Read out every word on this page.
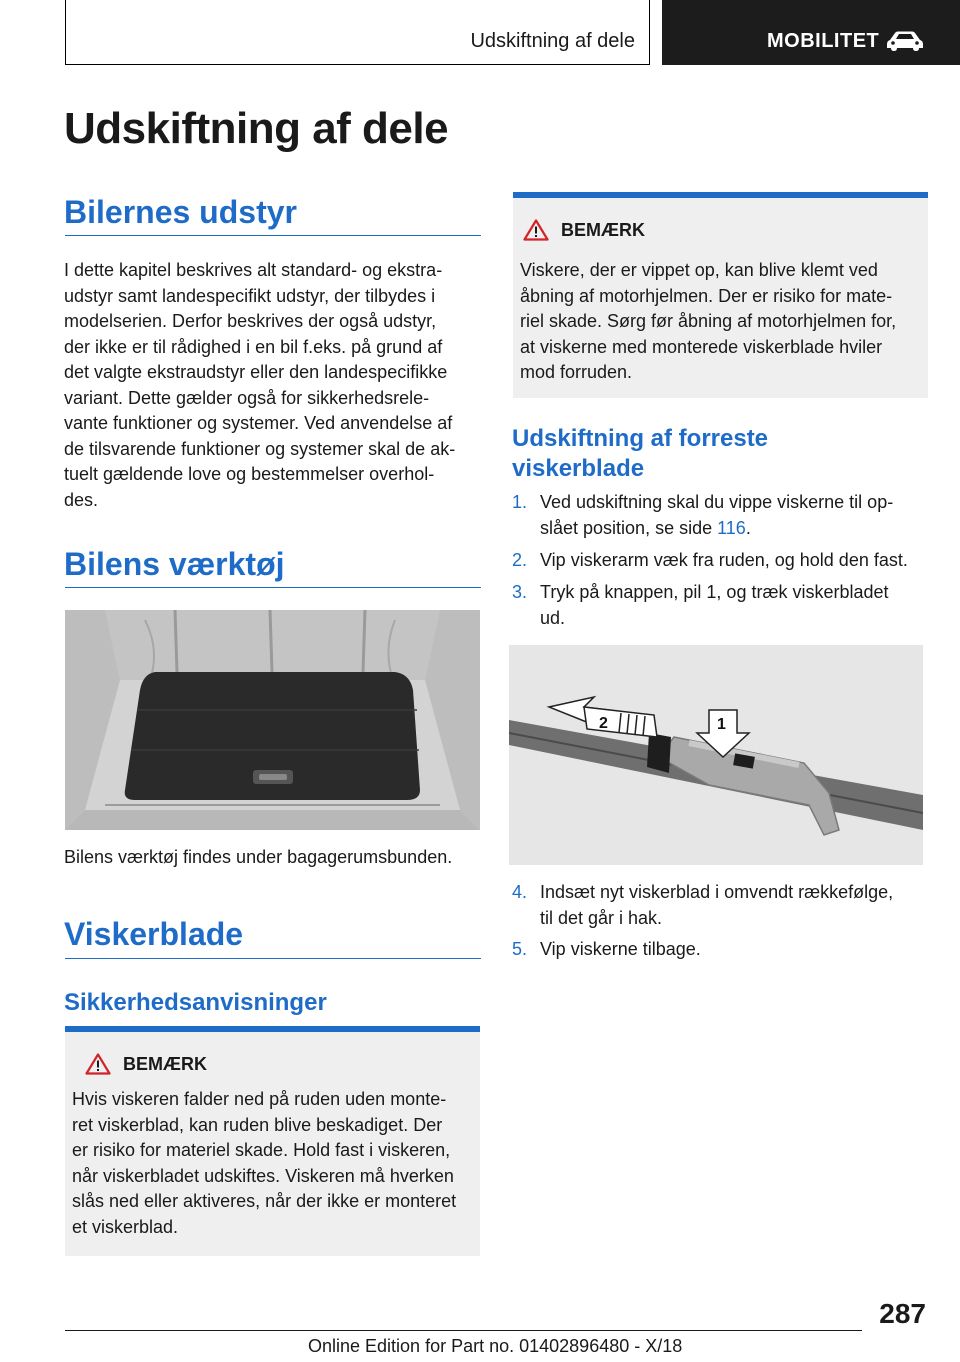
Udskiftning af dele	MOBILITET
Udskiftning af dele
Bilernes udstyr
I dette kapitel beskrives alt standard- og ekstra-
udstyr samt landespecifikt udstyr, der tilbydes i
modelserien. Derfor beskrives der også udstyr,
der ikke er til rådighed i en bil f.eks. på grund af
det valgte ekstraudstyr eller den landespecifikke
variant. Dette gælder også for sikkerhedsrele-
vante funktioner og systemer. Ved anvendelse af
de tilsvarende funktioner og systemer skal de ak-
tuelt gældende love og bestemmelser overhol-
des.
Bilens værktøj
Bilens værktøj findes under bagagerumsbunden.
Viskerblade
Sikkerhedsanvisninger
BEMÆRK
Hvis viskeren falder ned på ruden uden monte-
ret viskerblad, kan ruden blive beskadiget. Der
er risiko for materiel skade. Hold fast i viskeren,
når viskerbladet udskiftes. Viskeren må hverken
slås ned eller aktiveres, når der ikke er monteret
et viskerblad.
BEMÆRK
Viskere, der er vippet op, kan blive klemt ved
åbning af motorhjelmen. Der er risiko for mate-
riel skade. Sørg før åbning af motorhjelmen for,
at viskerne med monterede viskerblade hviler
mod forruden.
Udskiftning af forreste
viskerblade
1. Ved udskiftning skal du vippe viskerne til op-
slået position, se side 116.
2. Vip viskerarm væk fra ruden, og hold den fast.
3. Tryk på knappen, pil 1, og træk viskerbladet
ud.
2	1
4. Indsæt nyt viskerblad i omvendt rækkefølge,
til det går i hak.
5. Vip viskerne tilbage.
287
Online Edition for Part no. 01402896480 - X/18
